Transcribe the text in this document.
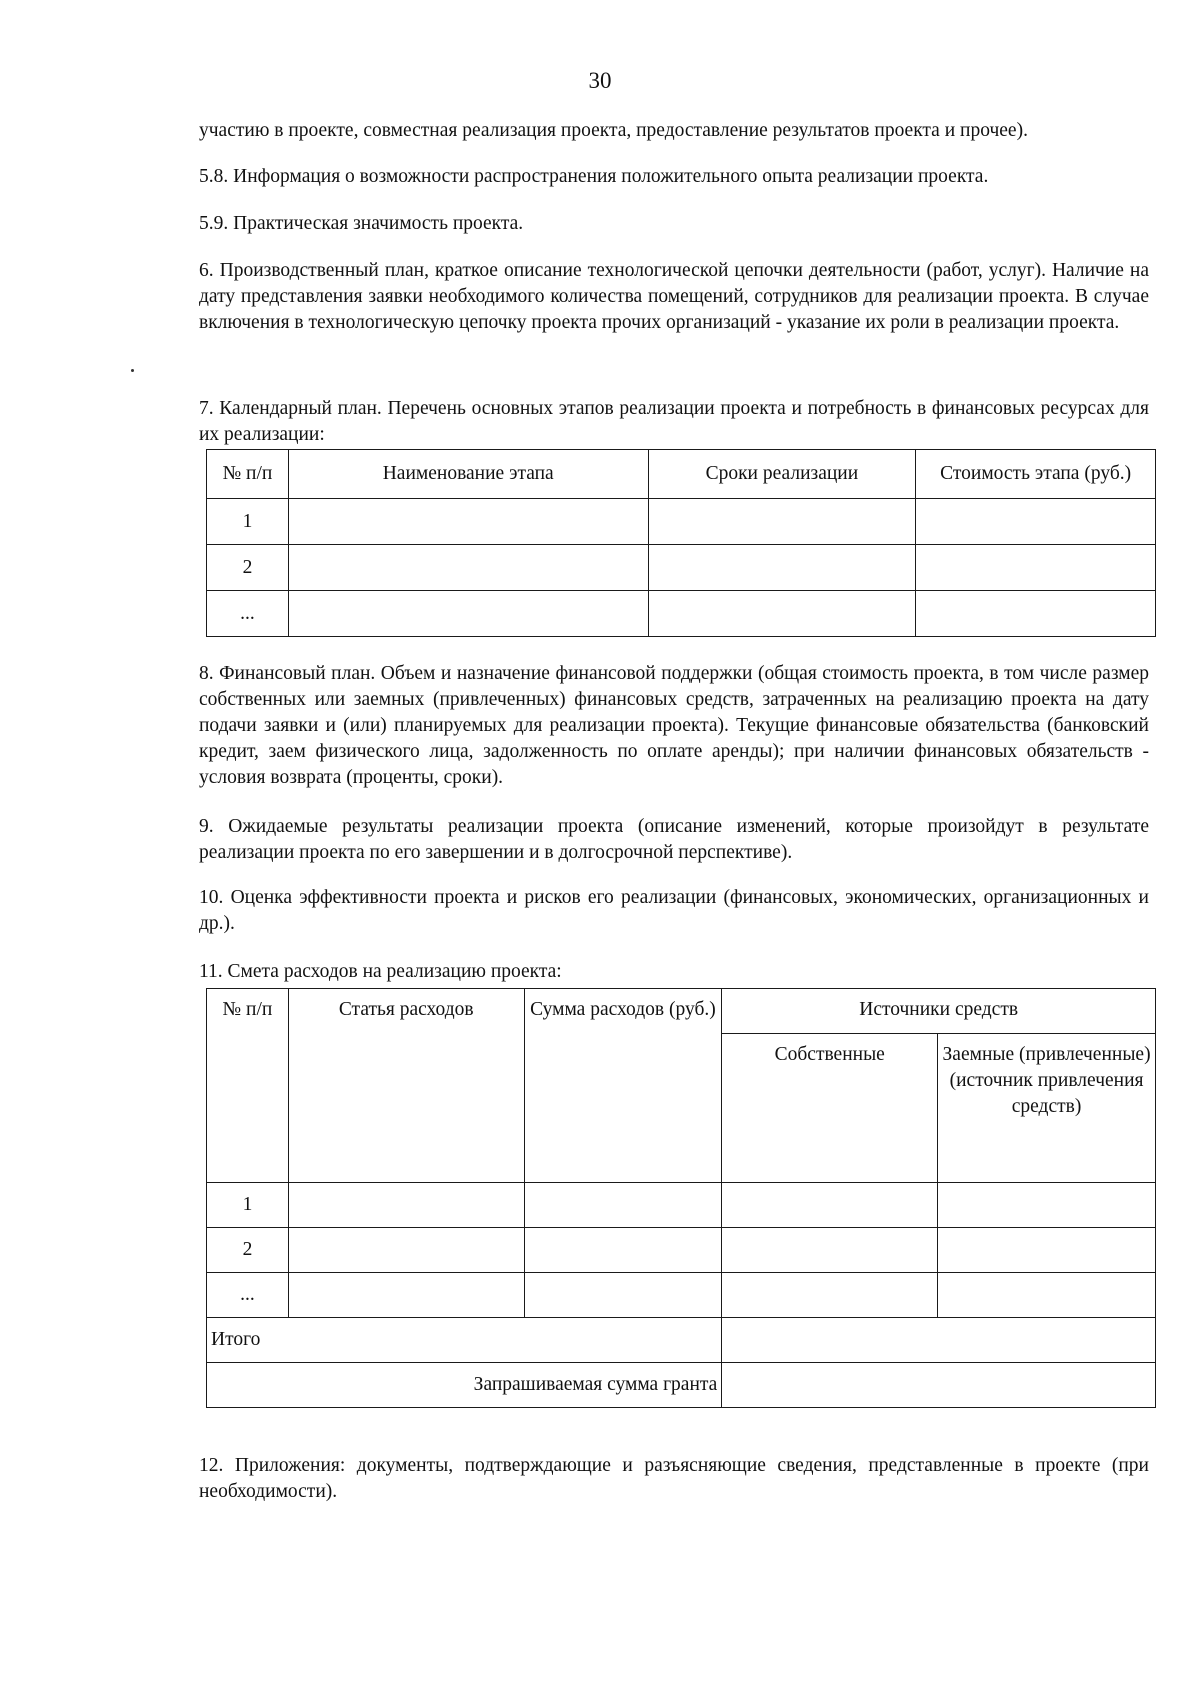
30

участию в проекте, совместная реализация проекта, предоставление результатов проекта и прочее).

5.8. Информация о возможности распространения положительного опыта реализации проекта.

5.9. Практическая значимость проекта.

6. Производственный план, краткое описание технологической цепочки деятельности (работ, услуг). Наличие на дату представления заявки необходимого количества помещений, сотрудников для реализации проекта. В случае включения в технологическую цепочку проекта прочих организаций - указание их роли в реализации проекта.

7. Календарный план. Перечень основных этапов реализации проекта и потребность в финансовых ресурсах для их реализации:

№ п/п	Наименование этапа	Сроки реализации	Стоимость этапа (руб.)
1			
2			
...			

8. Финансовый план. Объем и назначение финансовой поддержки (общая стоимость проекта, в том числе размер собственных или заемных (привлеченных) финансовых средств, затраченных на реализацию проекта на дату подачи заявки и (или) планируемых для реализации проекта). Текущие финансовые обязательства (банковский кредит, заем физического лица, задолженность по оплате аренды); при наличии финансовых обязательств - условия возврата (проценты, сроки).

9. Ожидаемые результаты реализации проекта (описание изменений, которые произойдут в результате реализации проекта по его завершении и в долгосрочной перспективе).

10. Оценка эффективности проекта и рисков его реализации (финансовых, экономических, организационных и др.).

11. Смета расходов на реализацию проекта:

№ п/п	Статья расходов	Сумма расходов (руб.)	Источники средств	
			Собственные	Заемные (привлеченные) (источник привлечения средств)
1				
2				
...				
Итого				
Запрашиваемая сумма гранта				

12. Приложения: документы, подтверждающие и разъясняющие сведения, представленные в проекте (при необходимости).
